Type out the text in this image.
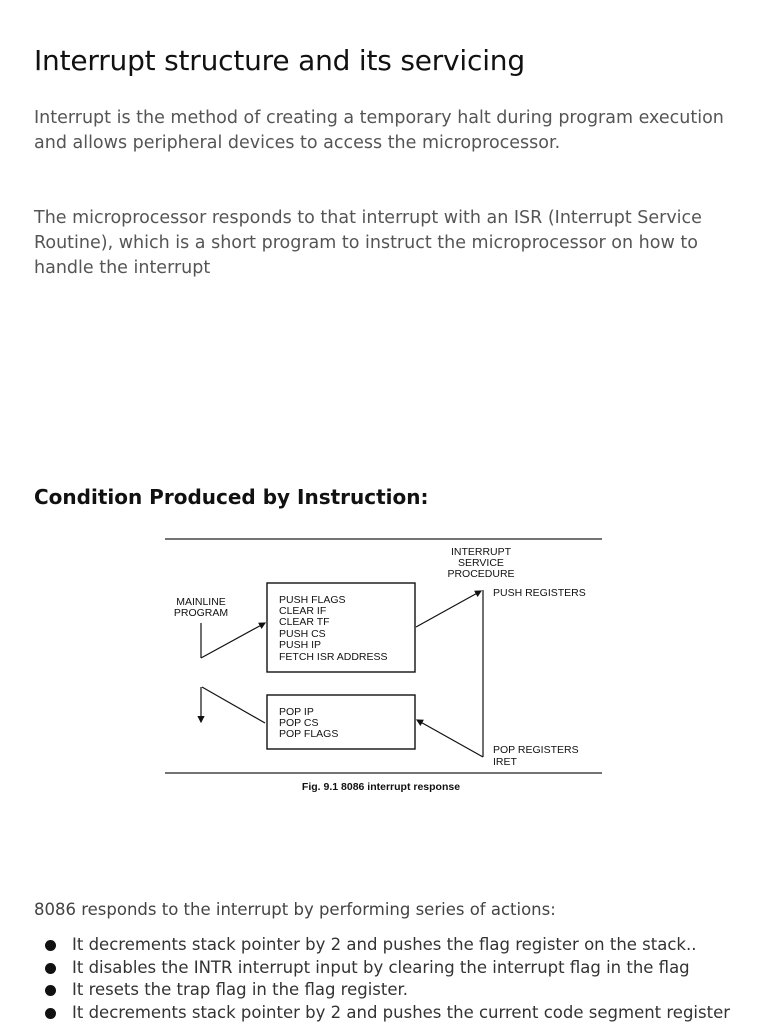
Interrupt structure and its servicing

Interrupt is the method of creating a temporary halt during program execution and allows peripheral devices to access the microprocessor.

The microprocessor responds to that interrupt with an ISR (Interrupt Service Routine), which is a short program to instruct the microprocessor on how to handle the interrupt

Condition Produced by Instruction:
INTERRUPT
SERVICE
PROCEDURE
MAINLINE
PROGRAM
PUSH FLAGS
CLEAR IF
CLEAR TF
PUSH CS
PUSH IP
FETCH ISR ADDRESS
POP IP
POP CS
POP FLAGS
PUSH REGISTERS
POP REGISTERS
IRET
Fig. 9.1 8086 interrupt response

8086 responds to the interrupt by performing series of actions:

It decrements stack pointer by 2 and pushes the flag register on the stack..
It disables the INTR interrupt input by clearing the interrupt flag in the flag
It resets the trap flag in the flag register.
It decrements stack pointer by 2 and pushes the current code segment register
